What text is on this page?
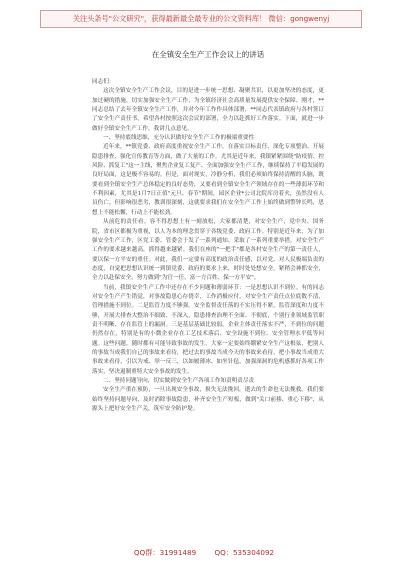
关注头条号"公文研究"，获得最新最全最专业的公文资料库！ 微信：gongwenyj
在全镇安全生产工作会议上的讲话

同志们：

这次全镇安全生产工作会议，目的是进一步统一思想、凝聚共识，以更加坚决的态度，更加过硬的措施，切实加强安全生产工作，为全镇经济社会高质量发展提供安全保障。刚才，**同志总结了去年全镇安全生产工作，并对今年工作作具体部署，**同志代表镇政府与各村签订了安全生产责任书，希望各村按照这次会议的部署，全力以赴抓好工作落实。下面，就进一步做好全镇安全生产工作，我讲几点意见。

一、坚持底线思维，充分认识做好安全生产工作的极端重要性

近年来，**镇党委、政府高度重视安全生产工作，在落实目标责任、深化专项整治、开展隐患排查、强化宣传教育等方面，做了大量的工作。尤其是近年来，我镇紧紧围绕"防疫情、控风险、抓复工"这一主线，聚焦企业复工复产、全面加强安全生产工作，继续保持了平稳发展的良好局面，这是极不容易的。但是，面对现实，冷静分析，我们必须始终保持清醒的头脑，既要看到全镇安全生产总体稳定的良好态势，又要看到全镇安全生产领域存在的一些薄弱环节和不利因素，尤其是1月7日正值"元旦、春节"期间，园区企业*公司北院库房着火，虽然没有人员伤亡，但影响很恶劣，教训很深刻，这就要求我们在安全生产工作上始终做到警钟长鸣，思想上不能松懈，行动上不能松劲。

从前危的责任看。容不得思想上有一刻放松，大家都清楚，对安全生产，党中央、国务院，省市区都极为重视，以人为本的理念贯穿于各级党委、政府工作。特别是近年来，为了加强安全生产工作，区党工委、管委会于发了一系列通知、采取了一系列重要举措，对安全生产工作的要求越来越高，抓得越来越紧。我们在座的"一把手"都是各村安全生产的第一责任人，要以保一方平安的重任。对此，我们一定要有高度的政治责任感，以对党、对人民极端负责的态度，自觉把思想认识统一到镇党委、政府的要求上来，时时处处想安全，紧稍会神抓安全，全力以赴保安全，努力做到"为官一任，富一方百姓、保一方平安"。

当前，我镇安全生产工作中还存在不少问题和薄弱环节：一是思想认识不到位。有的同志对安全生产产生错觉，对事故隐患心存侥幸，工作消极应付，对安全生产责任点位底数不清，管理措施不到位。二是监管力度不够强。安全监督责任落的不实压得不紧，监管深度和力度不够，开展大排查大整治不细致、不深入，隐患排查治理不全面、不彻底，个别行业领域监管职责不明晰，存在监管上的漏洞。三是基层基础比较弱。企业主体责任落实不严，不到位的问题仍然存在，特别是有的小微企业存在工艺技术落后、安全设施不到位、安全管理水平低等问题。这些问题，随时都有可能导致事故的发生。大家一定要始终绷紧安全生产这根弦，把别人的事故当成我们自己的事故来看待，把过去的事故当成今天的事故来看待，把小事故当成重大事故来看待，引以为戒、举一反三，以如履薄冰、如坐针毡，加强深洞的危机感抓好各项工作落实，坚决遏制重特大安全事故的发生。

二、坚持问题导向，切实做到安全生产各项工作知责明责尽责

安全生产重在预防，一旦出现安全事故，损失无法挽回，逝去的生命也无法挽救。我们要始终坚持问题导向，及时消除事故隐患，补齐安全生产短板，做到"关口前移、重心下移"，从源头上把好安全生产关，筑牢安全防护堤。

QQ群：31991489	QQ：535304092
